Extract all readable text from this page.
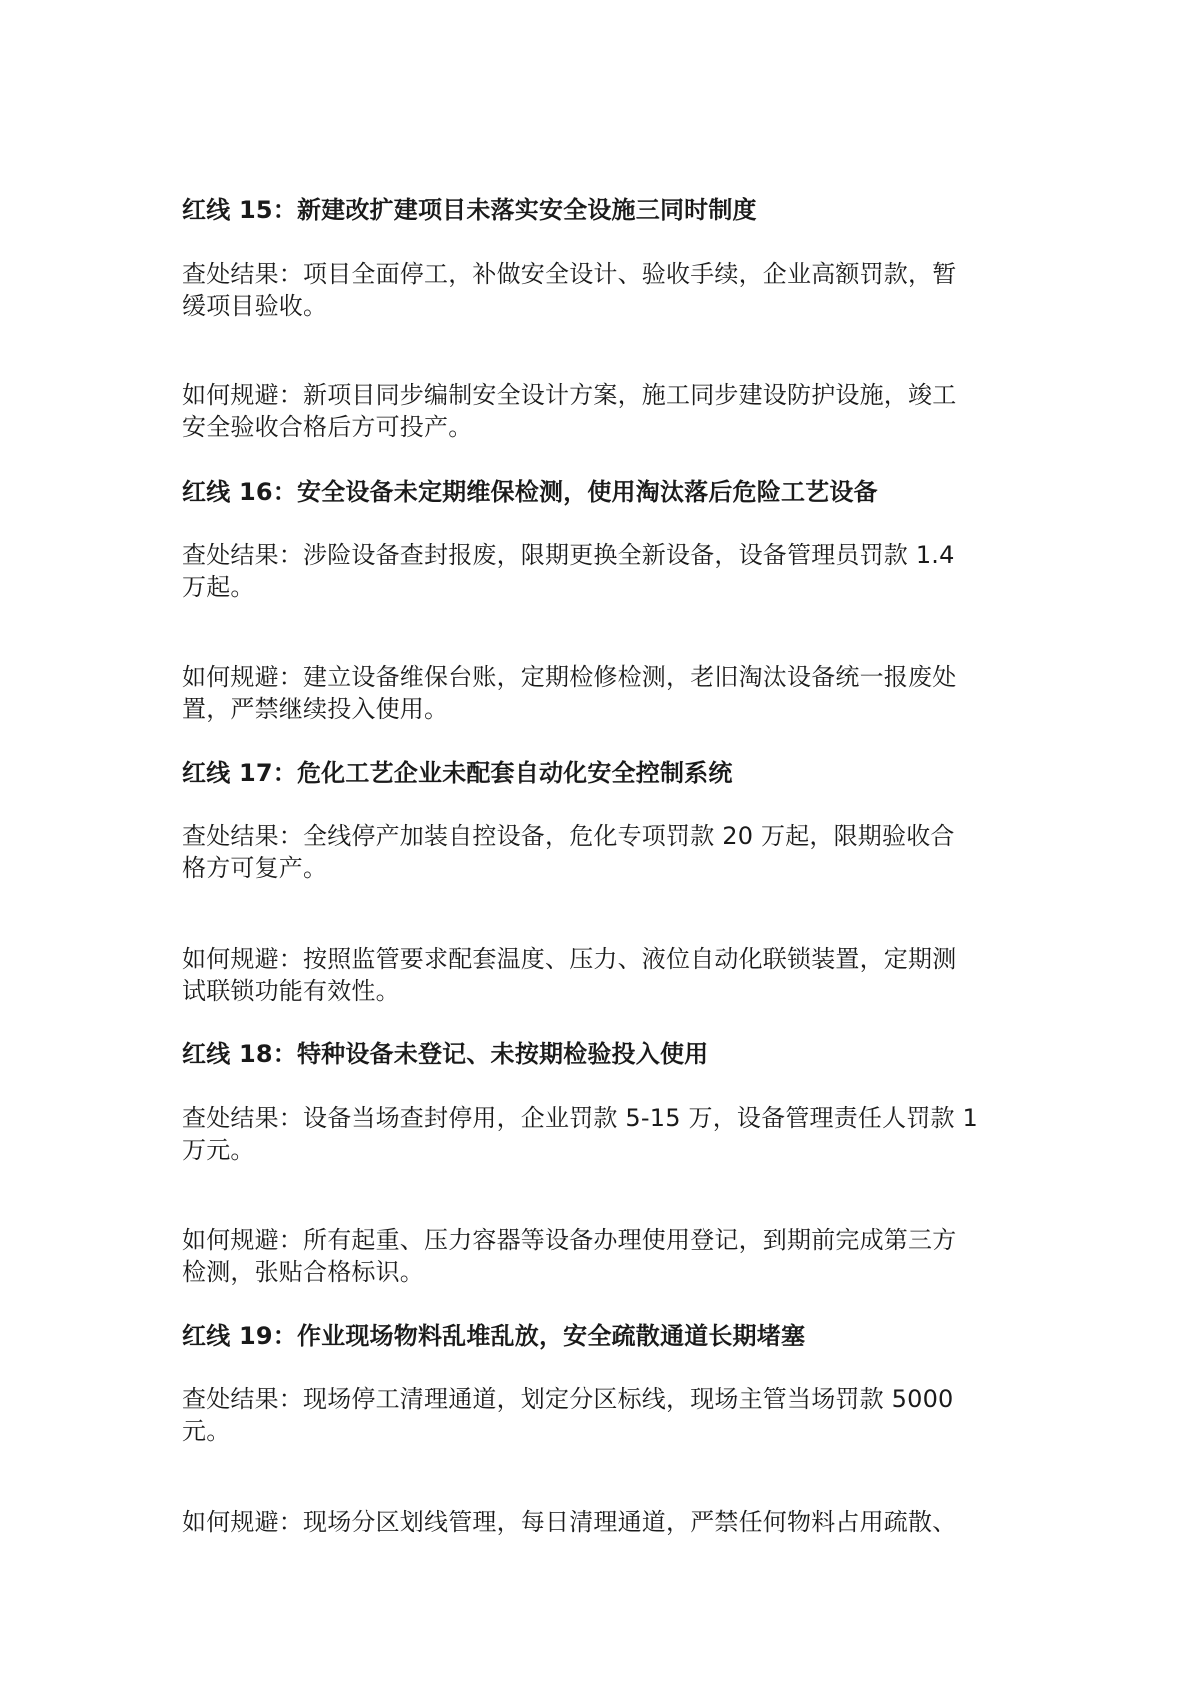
红线 15：新建改扩建项目未落实安全设施三同时制度
查处结果：项目全面停工，补做安全设计、验收手续，企业高额罚款，暂
缓项目验收。
如何规避：新项目同步编制安全设计方案，施工同步建设防护设施，竣工
安全验收合格后方可投产。
红线 16：安全设备未定期维保检测，使用淘汰落后危险工艺设备
查处结果：涉险设备查封报废，限期更换全新设备，设备管理员罚款 1.4
万起。
如何规避：建立设备维保台账，定期检修检测，老旧淘汰设备统一报废处
置，严禁继续投入使用。
红线 17：危化工艺企业未配套自动化安全控制系统
查处结果：全线停产加装自控设备，危化专项罚款 20 万起，限期验收合
格方可复产。
如何规避：按照监管要求配套温度、压力、液位自动化联锁装置，定期测
试联锁功能有效性。
红线 18：特种设备未登记、未按期检验投入使用
查处结果：设备当场查封停用，企业罚款 5-15 万，设备管理责任人罚款 1
万元。
如何规避：所有起重、压力容器等设备办理使用登记，到期前完成第三方
检测，张贴合格标识。
红线 19：作业现场物料乱堆乱放，安全疏散通道长期堵塞
查处结果：现场停工清理通道，划定分区标线，现场主管当场罚款 5000
元。
如何规避：现场分区划线管理，每日清理通道，严禁任何物料占用疏散、
